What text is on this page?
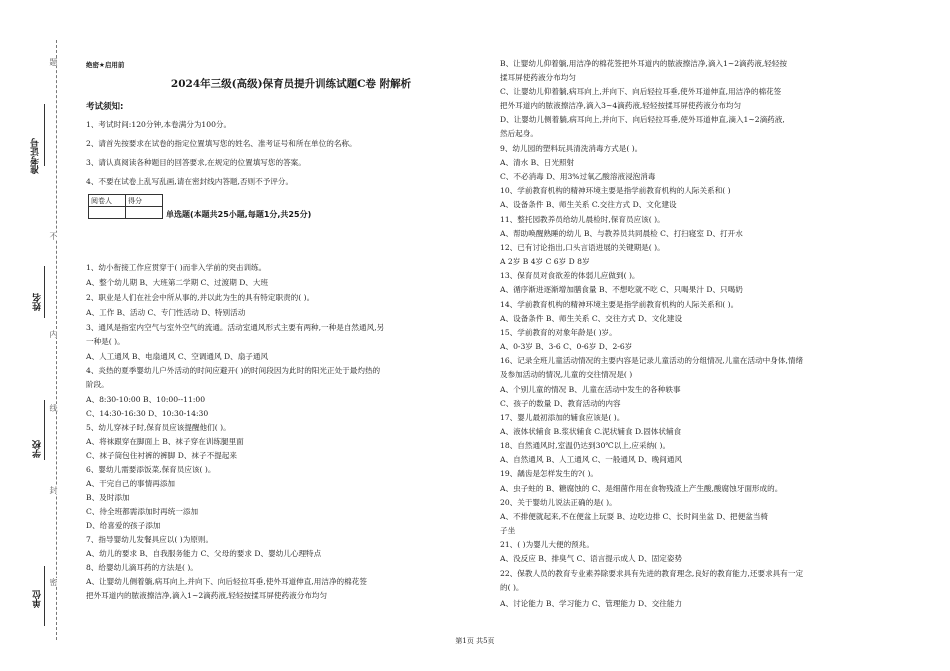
题
不
内
线
封
密
准考证号
姓名
学校
单位
绝密★启用前
2024年三级(高级)保育员提升训练试题C卷 附解析
考试须知:
1、考试时间:120分钟,本卷满分为100分。
2、请首先按要求在试卷的指定位置填写您的姓名、准考证号和所在单位的名称。
3、请认真阅读各种题目的回答要求,在规定的位置填写您的答案。
4、不要在试卷上乱写乱画,请在密封线内答题,否则不予评分。
阅卷人	得分

单选题(本题共25小题,每题1分,共25分)
1、幼小衔接工作应贯穿于( )而非入学前的突击训练。
A、整个幼儿期 B、大班第二学期 C、过渡期 D、大班
2、职业是人们在社会中所从事的,并以此为生的具有特定职责的( )。
A、工作 B、活动 C、专门性活动 D、特别活动
3、通风是指室内空气与室外空气的流通。活动室通风形式主要有两种,一种是自然通风,另
一种是( )。
A、人工通风 B、电扇通风 C、空调通风 D、扇子通风
4、炎热的夏季婴幼儿户外活动的时间应避开( )的时间段因为此时的阳光正处于最灼热的
阶段。
A、8:30-10:00 B、10:00--11:00
C、14:30-16:30 D、10:30-14:30
5、幼儿穿袜子时,保育员应该提醒他们( )。
A、将袜跟穿在脚面上 B、袜子穿在训练腿里面
C、袜子筒包住衬裤的裤脚 D、袜子不提起来
6、婴幼儿需要添饭菜,保育员应该( )。
A、干完自己的事情再添加
B、及时添加
C、待全班都需添加时再统一添加
D、给喜爱的孩子添加
7、指导婴幼儿发餐具应以( )为原则。
A、幼儿的要求 B、自我服务能力 C、父母的要求 D、婴幼儿心理特点
8、给婴幼儿滴耳药的方法是( )。
A、让婴幼儿侧着躺,病耳向上,并向下、向后轻拉耳垂,使外耳道伸直,用洁净的棉花签
把外耳道内的脓液擦洁净,滴入1~2滴药液,轻轻按揉耳屏使药液分布均匀
B、让婴幼儿仰着躺,用洁净的棉花签把外耳道内的脓液擦洁净,滴入1~2滴药液,轻轻按
揉耳屏使药液分布均匀
C、让婴幼儿仰着躺,病耳向上,并向下、向后轻拉耳垂,使外耳道伸直,用洁净的棉花签
把外耳道内的脓液擦洁净,滴入3~4滴药液,轻轻按揉耳屏使药液分布均匀
D、让婴幼儿侧着躺,病耳向上,并向下、向后轻拉耳垂,使外耳道伸直,滴入1~2滴药液,
然后起身。
9、幼儿园的塑料玩具清洗消毒方式是( )。
A、清水 B、日光照射
C、不必消毒 D、用3%过氧乙酸溶液浸泡消毒
10、学前教育机构的精神环境主要是指学前教育机构的人际关系和( )
A、设备条件 B、师生关系 C.交往方式 D、文化建设
11、整托园教养员给幼儿晨检时,保育员应该( )。
A、帮助唤醒熟睡的幼儿 B、与教养员共同晨检 C、打扫寝室 D、打开水
12、已有讨论指出,口头言语进展的关键期是( )。
A 2岁 B 4岁 C 6岁 D 8岁
13、保育员对食欲差的体弱儿应做到( )。
A、循序渐进逐渐增加膳食量 B、不想吃就不吃 C、只喝果汁 D、只喝奶
14、学前教育机构的精神环境主要是指学前教育机构的人际关系和( )。
A、设备条件 B、师生关系 C、交往方式 D、文化建设
15、学前教育的对象年龄是( )岁。
A、0-3岁 B、3-6 C、0-6岁 D、2-6岁
16、记录全班儿童活动情况的主要内容是记录儿童活动的分组情况,儿童在活动中身体,情绪
及参加活动的情况,儿童的交往情况是( )
A、个别儿童的情况 B、儿童在活动中发生的各种轶事
C、孩子的数量 D、教育活动的内容
17、婴儿最初添加的辅食应该是( )。
A、液体状辅食 B.浆状辅食 C.泥状辅食 D.固体状辅食
18、自然通风时,室温仍达到30℃以上,应采纳( )。
A、自然通风 B、人工通风 C、一般通风 D、晚间通风
19、龋齿是怎样发生的?( )。
A、虫子蛀的 B、糖腐蚀的 C、是细菌作用在食物残渣上产生酸,酸腐蚀牙面形成的。
20、关于婴幼儿说法正确的是( )。
A、不排便就起来,不在便盆上玩耍 B、边吃边排 C、长时间坐盆 D、把便盆当椅
子坐
21、( )为婴儿大便的预兆。
A、没反应 B、排臭气 C、语言提示成人 D、固定姿势
22、保教人员的教育专业素养除要求具有先进的教育理念,良好的教育能力,还要求具有一定
的( )。
A、讨论能力 B、学习能力 C、管理能力 D、交往能力
第1页 共5页
